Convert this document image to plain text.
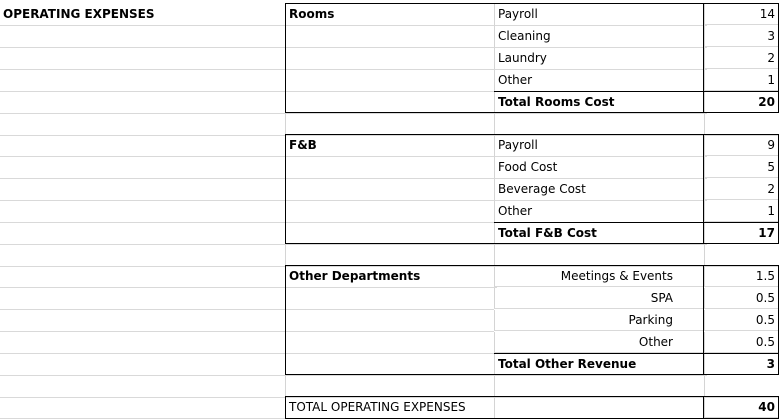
OPERATING EXPENSES	Rooms	Payroll	14
Cleaning	3
Laundry	2
Other	1
Total Rooms Cost	20
F&B	Payroll	9
Food Cost	5
Beverage Cost	2
Other	1
Total F&B Cost	17
Other Departments	Meetings & Events	1.5
SPA	0.5
Parking	0.5
Other	0.5
Total Other Revenue	3
TOTAL OPERATING EXPENSES	40
